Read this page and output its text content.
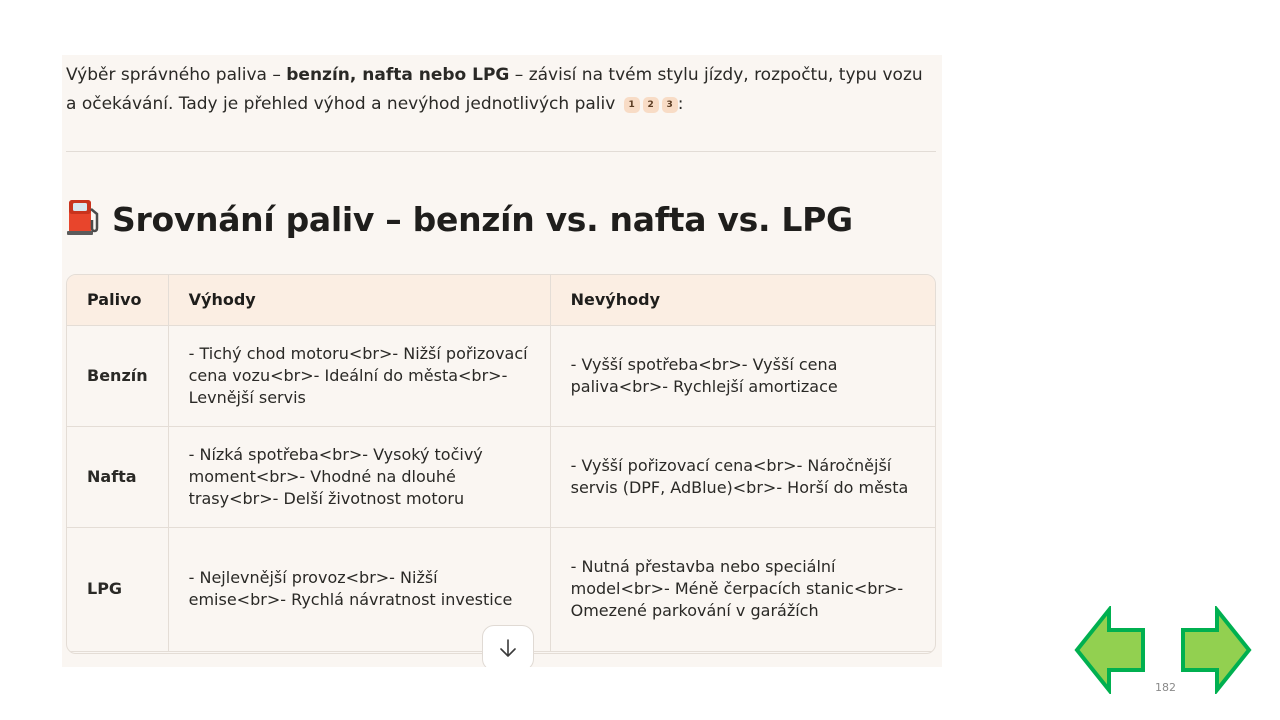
Výběr správného paliva – benzín, nafta nebo LPG – závisí na tvém stylu jízdy, rozpočtu, typu vozu a očekávání. Tady je přehled výhod a nevýhod jednotlivých paliv 1 2 3 :

Srovnání paliv – benzín vs. nafta vs. LPG
Palivo	Výhody	Nevýhody
Benzín	- Tichý chod motoru<br>- Nižší pořizovací cena vozu<br>- Ideální do města<br>- Levnější servis	- Vyšší spotřeba<br>- Vyšší cena paliva<br>- Rychlejší amortizace
Nafta	- Nízká spotřeba<br>- Vysoký točivý moment<br>- Vhodné na dlouhé trasy<br>- Delší životnost motoru	- Vyšší pořizovací cena<br>- Náročnější servis (DPF, AdBlue)<br>- Horší do města
LPG	- Nejlevnější provoz<br>- Nižší emise<br>- Rychlá návratnost investice	- Nutná přestavba nebo speciální model<br>- Méně čerpacích stanic<br>- Omezené parkování v garážích
182
